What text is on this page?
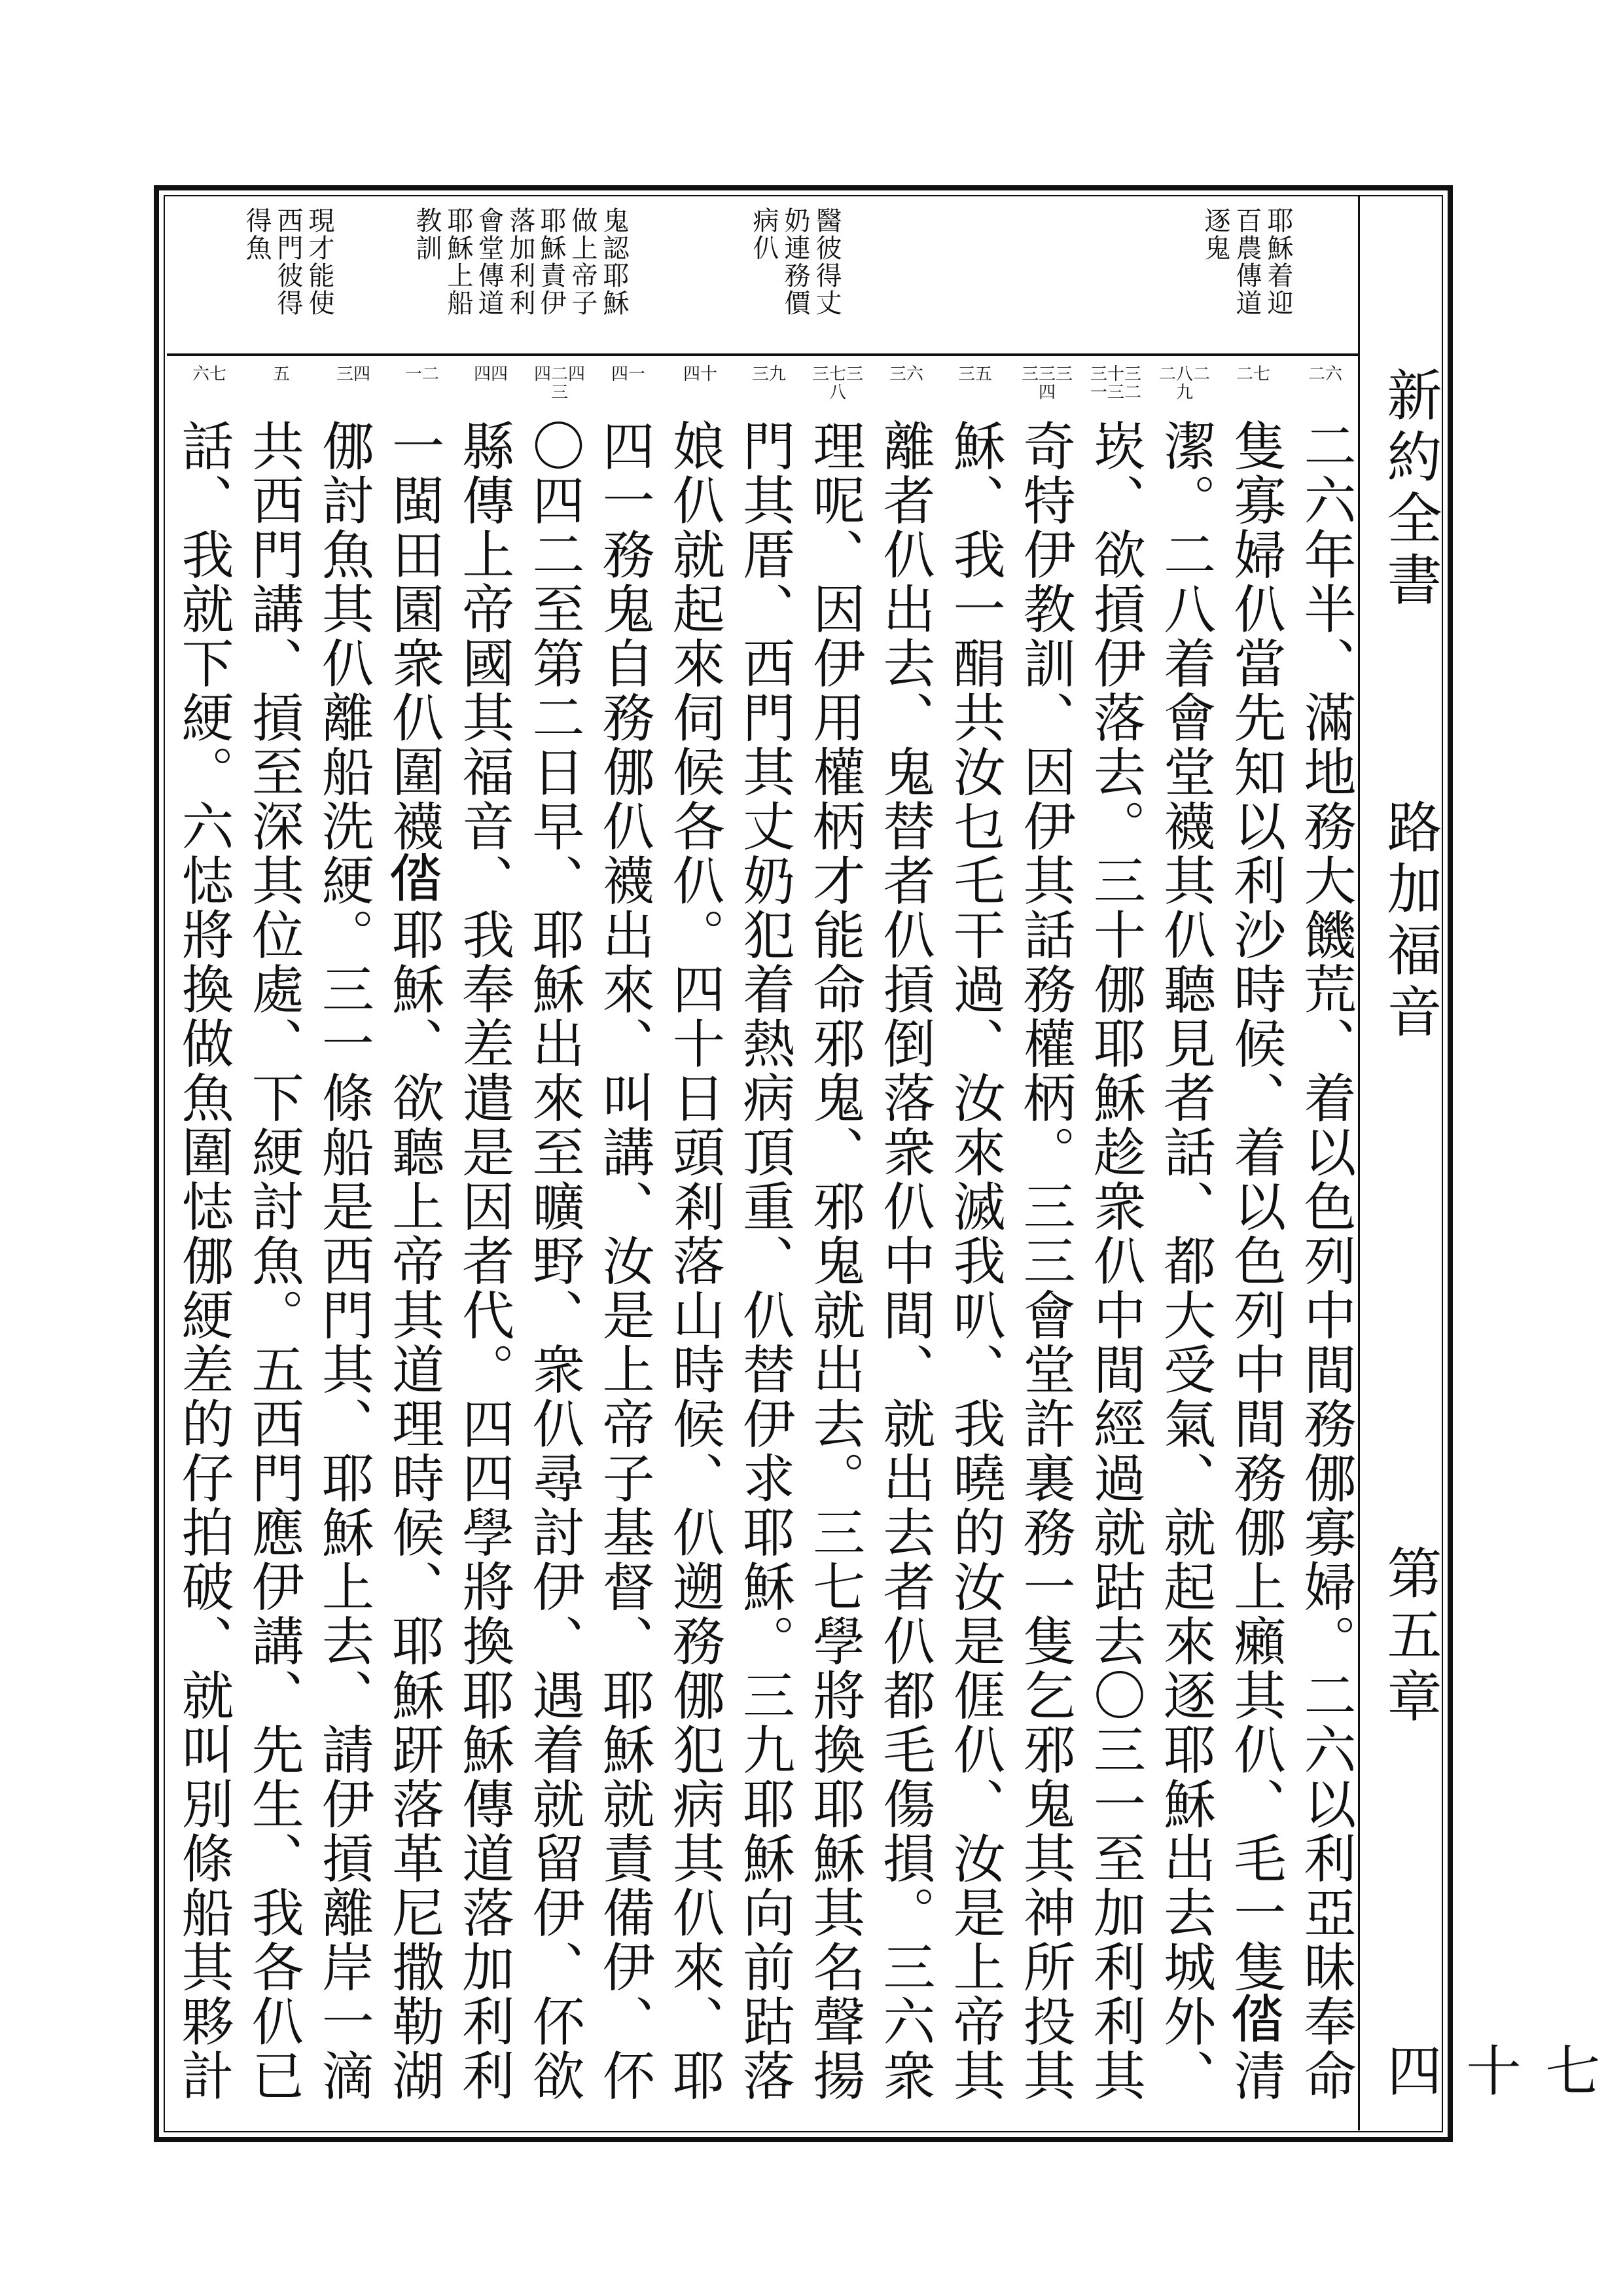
新約全書
路加福音
第五章
七十四
耶穌着迎
百農傳道
逐鬼
醫彼得丈
奶連務價
病仈
鬼認耶穌
做上帝子
耶穌責伊
落加利利
會堂傳道
耶穌上船
教訓
現才能使
西門彼得
得魚
二六
二七
二八二九
三十三一三二
三三三四
三五
三六
三七三八
三九
四十
四一
四二四三
四四
一二
三四
五
六七
二六年半、滿地務大饑荒、着以色列中間務㑚寡婦。二六以利亞昧奉命
隻寡婦仈當先知以利沙時候、着以色列中間務㑚上癩其仈、毛一隻𠉤清
潔。二八着會堂襪其仈聽見者話、都大受氣、就起來逐耶穌出去城外、
崁、欲摃伊落去。三十㑚耶穌趁衆仈中間經過就跍去〇三一至加利利其
奇特伊教訓、因伊其話務權柄。三三會堂許裏務一隻乞邪鬼其神所投其
穌、我一䣺共汝乜乇干過、汝來滅我叭、我曉的汝是𠊎仈、汝是上帝其
離者仈出去、鬼替者仈摃倒落衆仈中間、就出去者仈都毛傷損。三六衆
理呢、因伊用權柄才能命邪鬼、邪鬼就出去。三七學將換耶穌其名聲揚
門其厝、西門其丈奶犯着熱病頂重、仈替伊求耶穌。三九耶穌向前跍落
娘仈就起來伺候各仈。四十日頭剎落山時候、仈遡務㑚犯病其仈來、耶
四一務鬼自務㑚仈襪出來、叫講、汝是上帝子基督、耶穌就責備伊、伓
〇四二至第二日早、耶穌出來至曠野、衆仈尋討伊、遇着就留伊、伓欲
縣傳上帝國其福音、我奉差遣是因者代。四四學將換耶穌傳道落加利利
一閩田園衆仈圍襪𠉤耶穌、欲聽上帝其道理時候、耶穌趼落革尼撒勒湖
㑚討魚其仈離船洗綆。三一條船是西門其、耶穌上去、請伊摃離岸一滴
共西門講、摃至深其位處、下綆討魚。五西門應伊講、先生、我各仈已
話、我就下綆。六𢙺將換做魚圍𢙺㑚綆差的仔拍破、就叫別條船其夥計
